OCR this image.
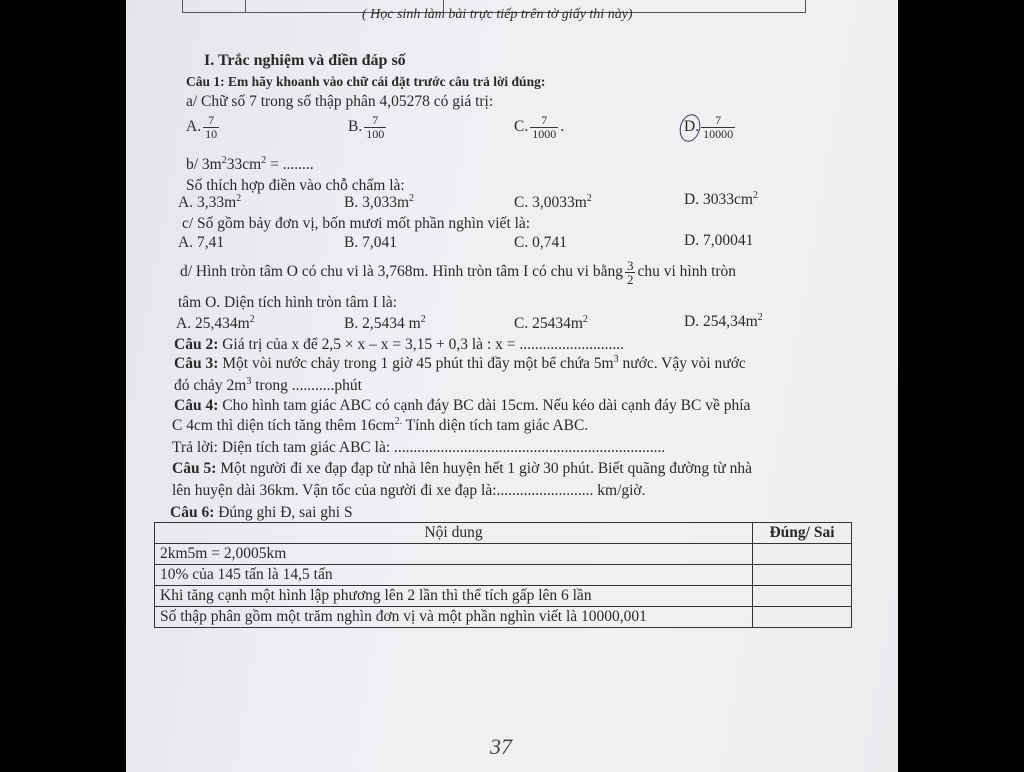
( Học sinh làm bài trực tiếp trên tờ giấy thi này)
I. Trắc nghiệm và điền đáp số
Câu 1: Em hãy khoanh vào chữ cái đặt trước câu trả lời đúng:
a/ Chữ số 7 trong số thập phân 4,05278 có giá trị:
A. $\frac{7}{10}$	B. $\frac{7}{100}$	C. $\frac{7}{1000}$ .	D. $\frac{7}{10000}$
b/ $3m^233cm^2$ = ........
Số thích hợp điền vào chỗ chấm là:
A. $3,33m^2$	B. $3,033m^2$	C. $3,0033m^2$	D. $3033cm^2$
c/ Số gồm bảy đơn vị, bốn mươi mốt phần nghìn viết là:
A. 7,41	B. 7,041	C. 0,741	D. 7,00041
d/ Hình tròn tâm O có chu vi là 3,768m. Hình tròn tâm I có chu vi bằng $\frac{3}{2}$ chu vi hình tròn
tâm O. Diện tích hình tròn tâm I là:
A. $25,434m^2$	B. 2,5434 $m^2$	C. $25434m^2$	D. $254,34m^2$
Câu 2: Giá trị của x để 2,5 × x – x = 3,15 + 0,3 là : x = ...........................
Câu 3: Một vòi nước chảy trong 1 giờ 45 phút thì đầy một bể chứa $5m^3$ nước. Vậy vòi nước
đó chảy $2m^3$ trong ...........phút
Câu 4: Cho hình tam giác ABC có cạnh đáy BC dài 15cm. Nếu kéo dài cạnh đáy BC về phía
C 4cm thì diện tích tăng thêm $16cm^{2.}$ Tính diện tích tam giác ABC.
Trả lời: Diện tích tam giác ABC là: ......................................................................
Câu 5: Một người đi xe đạp đạp từ nhà lên huyện hết 1 giờ 30 phút. Biết quãng đường từ nhà
lên huyện dài 36km. Vận tốc của người đi xe đạp là:......................... km/giờ.
Câu 6: Đúng ghi Đ, sai ghi S
Nội dung	Đúng/ Sai
2km5m = 2,0005km	
10% của 145 tấn là 14,5 tấn	
Khi tăng cạnh một hình lập phương lên 2 lần thì thể tích gấp lên 6 lần	
Số thập phân gồm một trăm nghìn đơn vị và một phần nghìn viết là 10000,001	
37
